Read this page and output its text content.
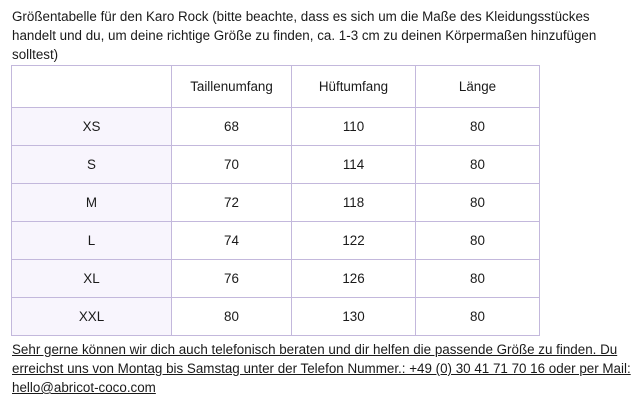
Größentabelle für den Karo Rock (bitte beachte, dass es sich um die Maße des Kleidungsstückes handelt und du, um deine richtige Größe zu finden, ca. 1-3 cm zu deinen Körpermaßen hinzufügen solltest)

	Taillenumfang	Hüftumfang	Länge
XS	68	110	80
S	70	114	80
M	72	118	80
L	74	122	80
XL	76	126	80
XXL	80	130	80

Sehr gerne können wir dich auch telefonisch beraten und dir helfen die passende Größe zu finden. Du erreichst uns von Montag bis Samstag unter der Telefon Nummer.: +49 (0) 30 41 71 70 16 oder per Mail: hello@abricot-coco.com
